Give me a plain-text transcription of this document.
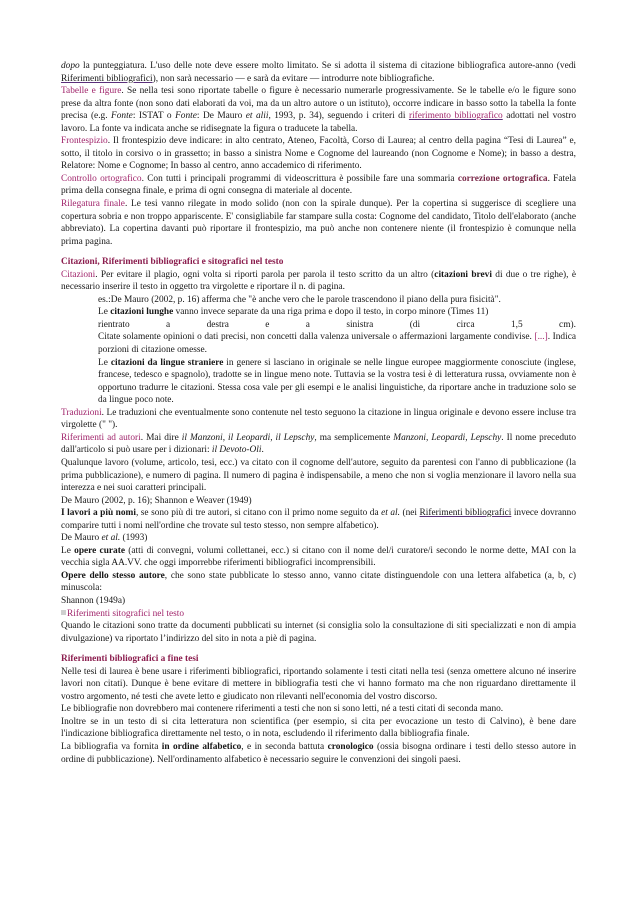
dopo la punteggiatura. L'uso delle note deve essere molto limitato. Se si adotta il sistema di citazione bibliografica autore-anno (vedi Riferimenti bibliografici), non sarà necessario — e sarà da evitare — introdurre note bibliografiche.

Tabelle e figure. Se nella tesi sono riportate tabelle o figure è necessario numerarle progressivamente. Se le tabelle e/o le figure sono prese da altra fonte (non sono dati elaborati da voi, ma da un altro autore o un istituto), occorre indicare in basso sotto la tabella la fonte precisa (e.g. Fonte: ISTAT o Fonte: De Mauro et alii, 1993, p. 34), seguendo i criteri di riferimento bibliografico adottati nel vostro lavoro. La fonte va indicata anche se ridisegnate la figura o traducete la tabella.

Frontespizio. Il frontespizio deve indicare: in alto centrato, Ateneo, Facoltà, Corso di Laurea; al centro della pagina “Tesi di Laurea” e, sotto, il titolo in corsivo o in grassetto; in basso a sinistra Nome e Cognome del laureando (non Cognome e Nome); in basso a destra, Relatore: Nome e Cognome; In basso al centro, anno accademico di riferimento.

Controllo ortografico. Con tutti i principali programmi di videoscrittura è possibile fare una sommaria correzione ortografica. Fatela prima della consegna finale, e prima di ogni consegna di materiale al docente.

Rilegatura finale. Le tesi vanno rilegate in modo solido (non con la spirale dunque). Per la copertina si suggerisce di scegliere una copertura sobria e non troppo appariscente. E' consigliabile far stampare sulla costa: Cognome del candidato, Titolo dell'elaborato (anche abbreviato). La copertina davanti può riportare il frontespizio, ma può anche non contenere niente (il frontespizio è comunque nella prima pagina.

Citazioni, Riferimenti bibliografici e sitografici nel testo

Citazioni. Per evitare il plagio, ogni volta si riporti parola per parola il testo scritto da un altro (citazioni brevi di due o tre righe), è necessario inserire il testo in oggetto tra virgolette e riportare il n. di pagina.

es.:De Mauro (2002, p. 16) afferma che "è anche vero che le parole trascendono il piano della pura fisicità".

Le citazioni lunghe vanno invece separate da una riga prima e dopo il testo, in corpo minore (Times 11)

rientrato	a	destra	e	a	sinistra	(di	circa	1,5	cm).

Citate solamente opinioni o dati precisi, non concetti dalla valenza universale o affermazioni largamente condivise. [...]. Indica porzioni di citazione omesse.

Le citazioni da lingue straniere in genere si lasciano in originale se nelle lingue europee maggiormente conosciute (inglese, francese, tedesco e spagnolo), tradotte se in lingue meno note. Tuttavia se la vostra tesi è di letteratura russa, ovviamente non è opportuno tradurre le citazioni. Stessa cosa vale per gli esempi e le analisi linguistiche, da riportare anche in traduzione solo se da lingue poco note.

Traduzioni. Le traduzioni che eventualmente sono contenute nel testo seguono la citazione in lingua originale e devono essere incluse tra virgolette (" ").

Riferimenti ad autori. Mai dire il Manzoni, il Leopardi, il Lepschy, ma semplicemente Manzoni, Leopardi, Lepschy. Il nome preceduto dall'articolo si può usare per i dizionari: il Devoto-Oli.

Qualunque lavoro (volume, articolo, tesi, ecc.) va citato con il cognome dell'autore, seguito da parentesi con l'anno di pubblicazione (la prima pubblicazione), e numero di pagina. Il numero di pagina è indispensabile, a meno che non si voglia menzionare il lavoro nella sua interezza e nei suoi caratteri principali.

De Mauro (2002, p. 16); Shannon e Weaver (1949)

I lavori a più nomi, se sono più di tre autori, si citano con il primo nome seguito da et al. (nei Riferimenti bibliografici invece dovranno comparire tutti i nomi nell'ordine che trovate sul testo stesso, non sempre alfabetico).

De Mauro et al. (1993)

Le opere curate (atti di convegni, volumi collettanei, ecc.) si citano con il nome del/i curatore/i secondo le norme dette, MAI con la vecchia sigla AA.VV. che oggi imporrebbe riferimenti bibliografici incomprensibili.

Opere dello stesso autore, che sono state pubblicate lo stesso anno, vanno citate distinguendole con una lettera alfabetica (a, b, c) minuscola:

Shannon (1949a)

Riferimenti sitografici nel testo

Quando le citazioni sono tratte da documenti pubblicati su internet (si consiglia solo la consultazione di siti specializzati e non di ampia divulgazione) va riportato l’indirizzo del sito in nota a piè di pagina.

Riferimenti bibliografici a fine tesi

Nelle tesi di laurea è bene usare i riferimenti bibliografici, riportando solamente i testi citati nella tesi (senza omettere alcuno né inserire lavori non citati). Dunque è bene evitare di mettere in bibliografia testi che vi hanno formato ma che non riguardano direttamente il vostro argomento, né testi che avete letto e giudicato non rilevanti nell'economia del vostro discorso.

Le bibliografie non dovrebbero mai contenere riferimenti a testi che non si sono letti, né a testi citati di seconda mano.

Inoltre se in un testo di si cita letteratura non scientifica (per esempio, si cita per evocazione un testo di Calvino), è bene dare l'indicazione bibliografica direttamente nel testo, o in nota, escludendo il riferimento dalla bibliografia finale.

La bibliografia va fornita in ordine alfabetico, e in seconda battuta cronologico (ossia bisogna ordinare i testi dello stesso autore in ordine di pubblicazione). Nell'ordinamento alfabetico è necessario seguire le convenzioni dei singoli paesi.
